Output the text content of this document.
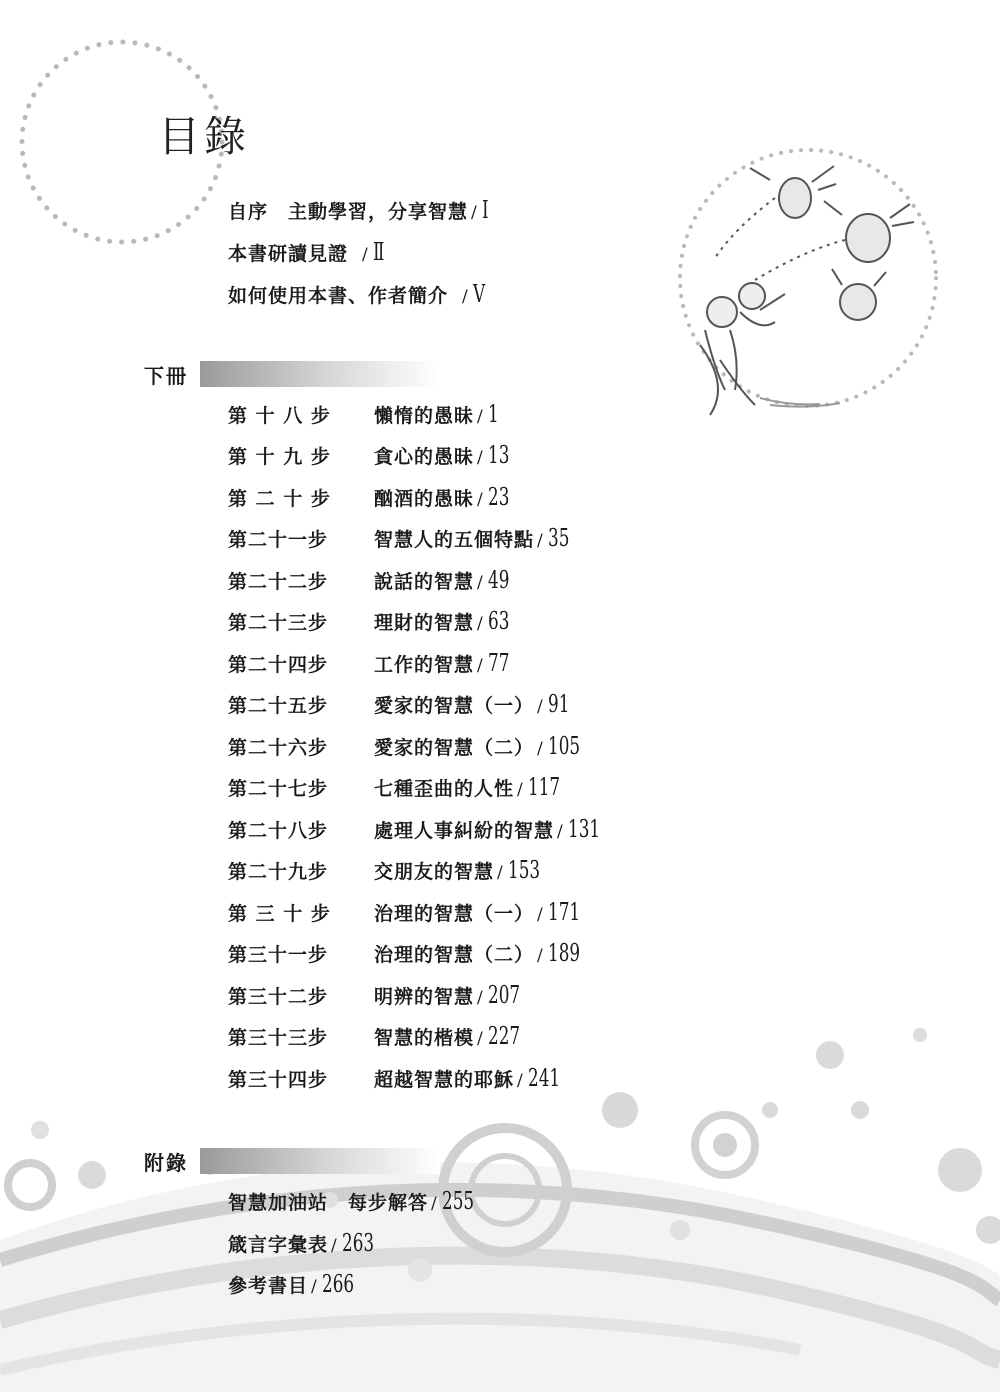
目錄
自序　主動學習，分享智慧 / Ⅰ
本書研讀見證 / Ⅱ
如何使用本書、作者簡介 / Ⅴ
下冊
第 十 八 步	懶惰的愚昧 / 1
第 十 九 步	貪心的愚昧 / 13
第 二 十 步	酗酒的愚昧 / 23
第二十一步	智慧人的五個特點 / 35
第二十二步	說話的智慧 / 49
第二十三步	理財的智慧 / 63
第二十四步	工作的智慧 / 77
第二十五步	愛家的智慧（一） / 91
第二十六步	愛家的智慧（二） / 105
第二十七步	七種歪曲的人性 / 117
第二十八步	處理人事糾紛的智慧 / 131
第二十九步	交朋友的智慧 / 153
第 三 十 步	治理的智慧（一） / 171
第三十一步	治理的智慧（二） / 189
第三十二步	明辨的智慧 / 207
第三十三步	智慧的楷模 / 227
第三十四步	超越智慧的耶穌 / 241
附錄
智慧加油站　每步解答 / 255
箴言字彙表 / 263
參考書目 / 266
